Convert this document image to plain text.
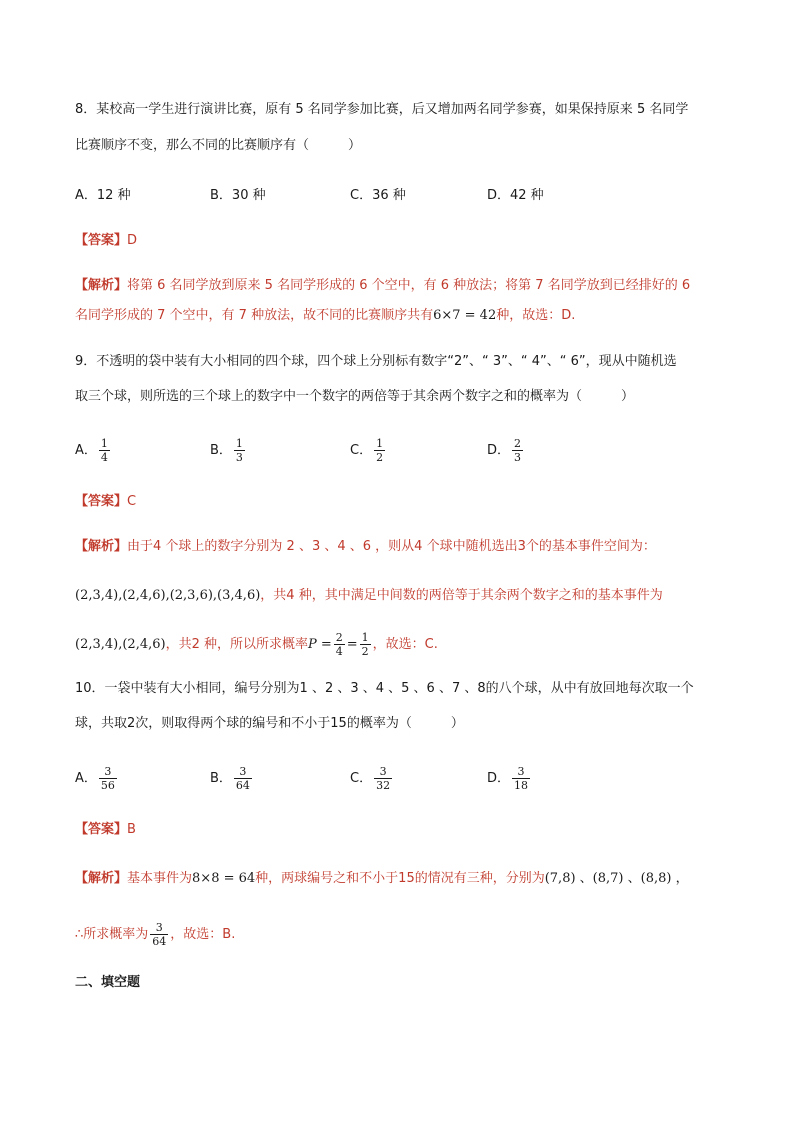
8．某校高一学生进行演讲比赛，原有 5 名同学参加比赛，后又增加两名同学参赛，如果保持原来 5 名同学
比赛顺序不变，那么不同的比赛顺序有（　　　）
A．12 种	B．30 种	C．36 种	D．42 种
【答案】D
【解析】将第 6 名同学放到原来 5 名同学形成的 6 个空中，有 6 种放法；将第 7 名同学放到已经排好的 6
名同学形成的 7 个空中，有 7 种放法，故不同的比赛顺序共有6×7 = 42种，故选：D.
9．不透明的袋中装有大小相同的四个球，四个球上分别标有数字“2”、“ 3”、“ 4”、“ 6”，现从中随机选
取三个球，则所选的三个球上的数字中一个数字的两倍等于其余两个数字之和的概率为（　　　）
A． $\frac{1}{4}$	B． $\frac{1}{3}$	C． $\frac{1}{2}$	D． $\frac{2}{3}$
【答案】C
【解析】由于4 个球上的数字分别为 2 、3 、4 、6 ，则从4 个球中随机选出3个的基本事件空间为：
(2,3,4),(2,4,6),(2,3,6),(3,4,6)，共4 种，其中满足中间数的两倍等于其余两个数字之和的基本事件为
(2,3,4),(2,4,6)，共2 种，所以所求概率$P = \frac{2}{4} = \frac{1}{2}$ ，故选：C.
10．一袋中装有大小相同，编号分别为1 、2 、3 、4 、5 、6 、7 、8的八个球，从中有放回地每次取一个
球，共取2次，则取得两个球的编号和不小于15的概率为（　　　）
A． $\frac{3}{56}$	B． $\frac{3}{64}$	C． $\frac{3}{32}$	D． $\frac{3}{18}$
【答案】B
【解析】基本事件为8×8 = 64种，两球编号之和不小于15的情况有三种，分别为(7,8) 、(8,7) 、(8,8) ，
∴所求概率为 $\frac{3}{64}$ ，故选：B.
二、填空题
